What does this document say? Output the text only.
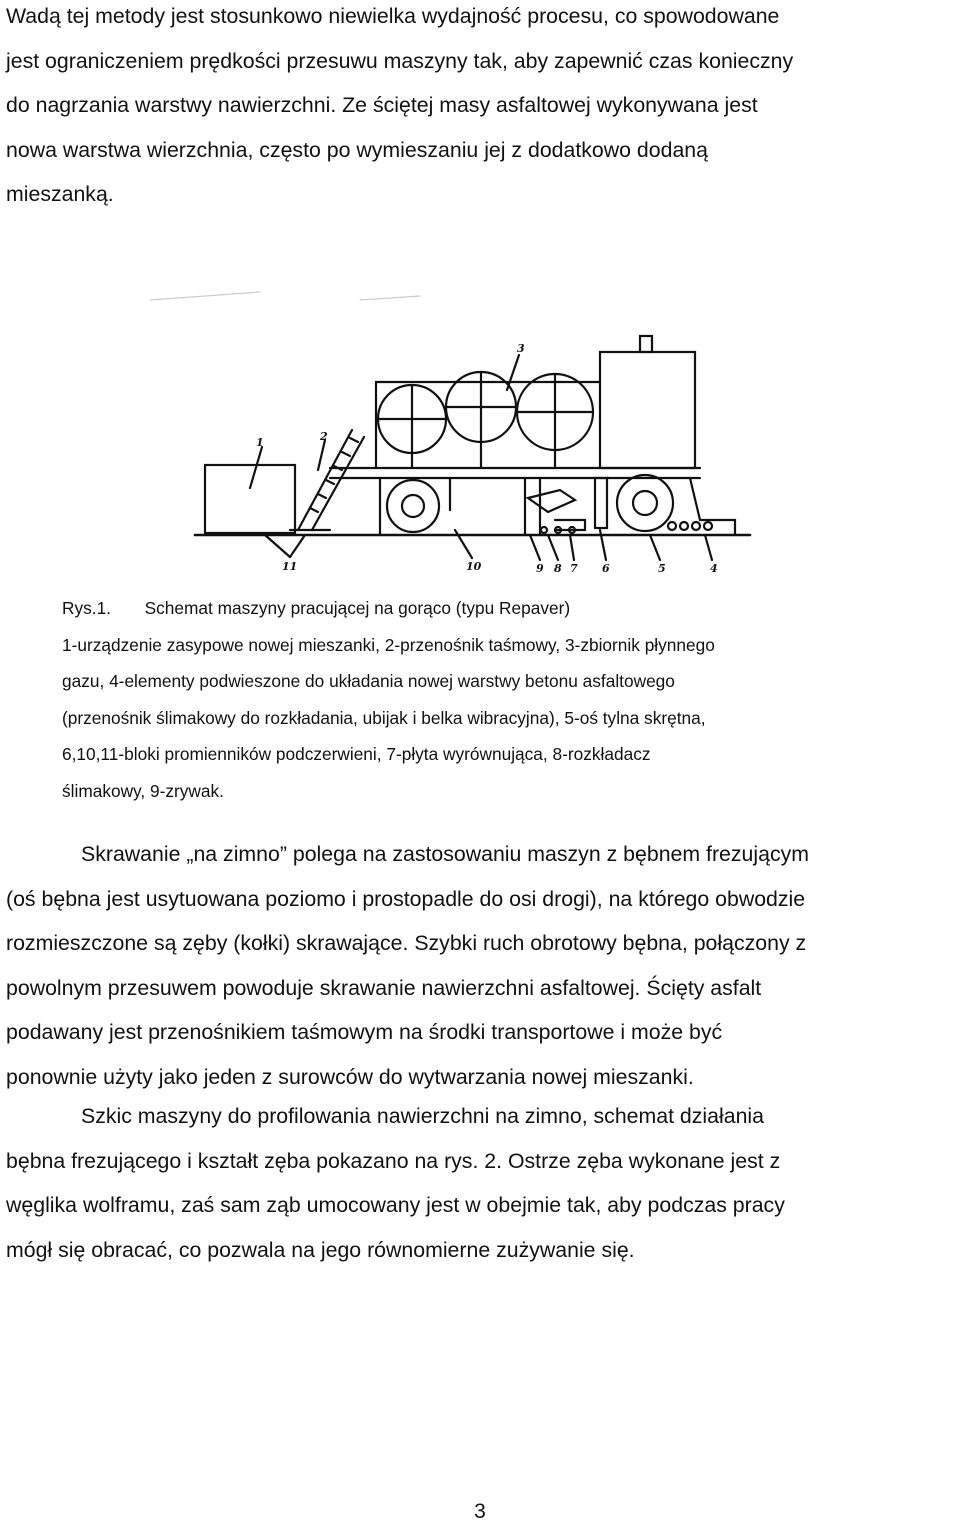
Wadą tej metody jest stosunkowo niewielka wydajność procesu, co spowodowane
jest ograniczeniem prędkości przesuwu maszyny tak, aby zapewnić czas konieczny
do nagrzania warstwy nawierzchni. Ze ściętej masy asfaltowej wykonywana jest
nowa warstwa wierzchnia, często po wymieszaniu jej z dodatkowo dodaną
mieszanką.
1	2
3
11	10	9 8 7 6	5	4
Rys.1.       Schemat maszyny pracującej na gorąco (typu Repaver)
1-urządzenie zasypowe nowej mieszanki, 2-przenośnik taśmowy, 3-zbiornik płynnego
gazu, 4-elementy podwieszone do układania nowej warstwy betonu asfaltowego
(przenośnik ślimakowy do rozkładania, ubijak i belka wibracyjna), 5-oś tylna skrętna,
6,10,11-bloki promienników podczerwieni, 7-płyta wyrównująca, 8-rozkładacz
ślimakowy, 9-zrywak.
Skrawanie „na zimno” polega na zastosowaniu maszyn z bębnem frezującym
(oś bębna jest usytuowana poziomo i prostopadle do osi drogi), na którego obwodzie
rozmieszczone są zęby (kołki) skrawające. Szybki ruch obrotowy bębna, połączony z
powolnym przesuwem powoduje skrawanie nawierzchni asfaltowej. Ścięty asfalt
podawany jest przenośnikiem taśmowym na środki transportowe i może być
ponownie użyty jako jeden z surowców do wytwarzania nowej mieszanki.
Szkic maszyny do profilowania nawierzchni na zimno, schemat działania
bębna frezującego i kształt zęba pokazano na rys. 2. Ostrze zęba wykonane jest z
węglika wolframu, zaś sam ząb umocowany jest w obejmie tak, aby podczas pracy
mógł się obracać, co pozwala na jego równomierne zużywanie się.
3
